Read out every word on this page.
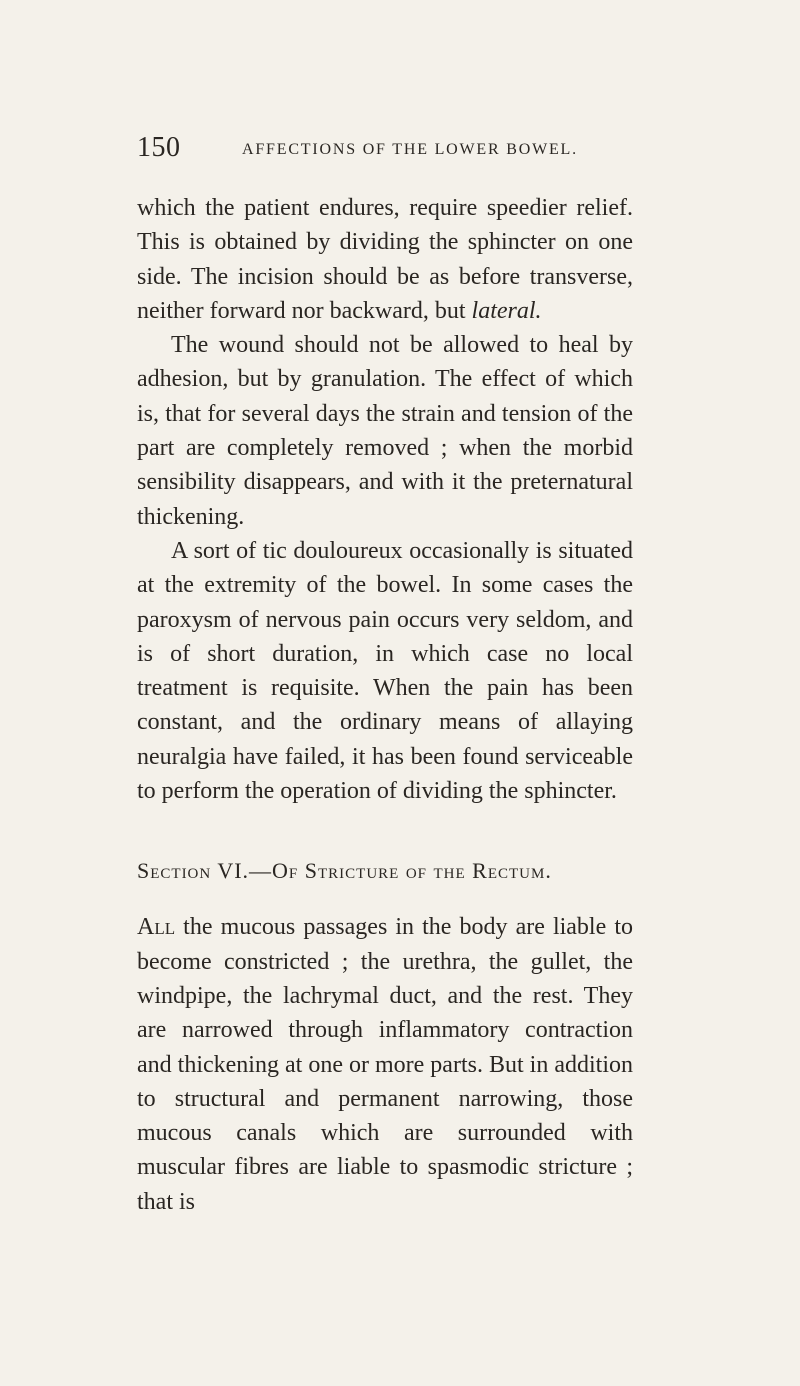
150	AFFECTIONS OF THE LOWER BOWEL.

which the patient endures, require speedier relief. This is obtained by dividing the sphincter on one side. The incision should be as before transverse, neither forward nor backward, but lateral.

The wound should not be allowed to heal by adhesion, but by granulation. The effect of which is, that for several days the strain and tension of the part are completely removed ; when the morbid sensibility disappears, and with it the preternatural thickening.

A sort of tic douloureux occasionally is situated at the extremity of the bowel. In some cases the paroxysm of nervous pain occurs very seldom, and is of short duration, in which case no local treatment is requisite. When the pain has been constant, and the ordinary means of allaying neuralgia have failed, it has been found serviceable to perform the operation of dividing the sphincter.

Section VI.—Of Stricture of the Rectum.

All the mucous passages in the body are liable to become constricted ; the urethra, the gullet, the windpipe, the lachrymal duct, and the rest. They are narrowed through inflammatory contraction and thickening at one or more parts. But in addition to structural and permanent narrowing, those mucous canals which are surrounded with muscular fibres are liable to spasmodic stricture ; that is
